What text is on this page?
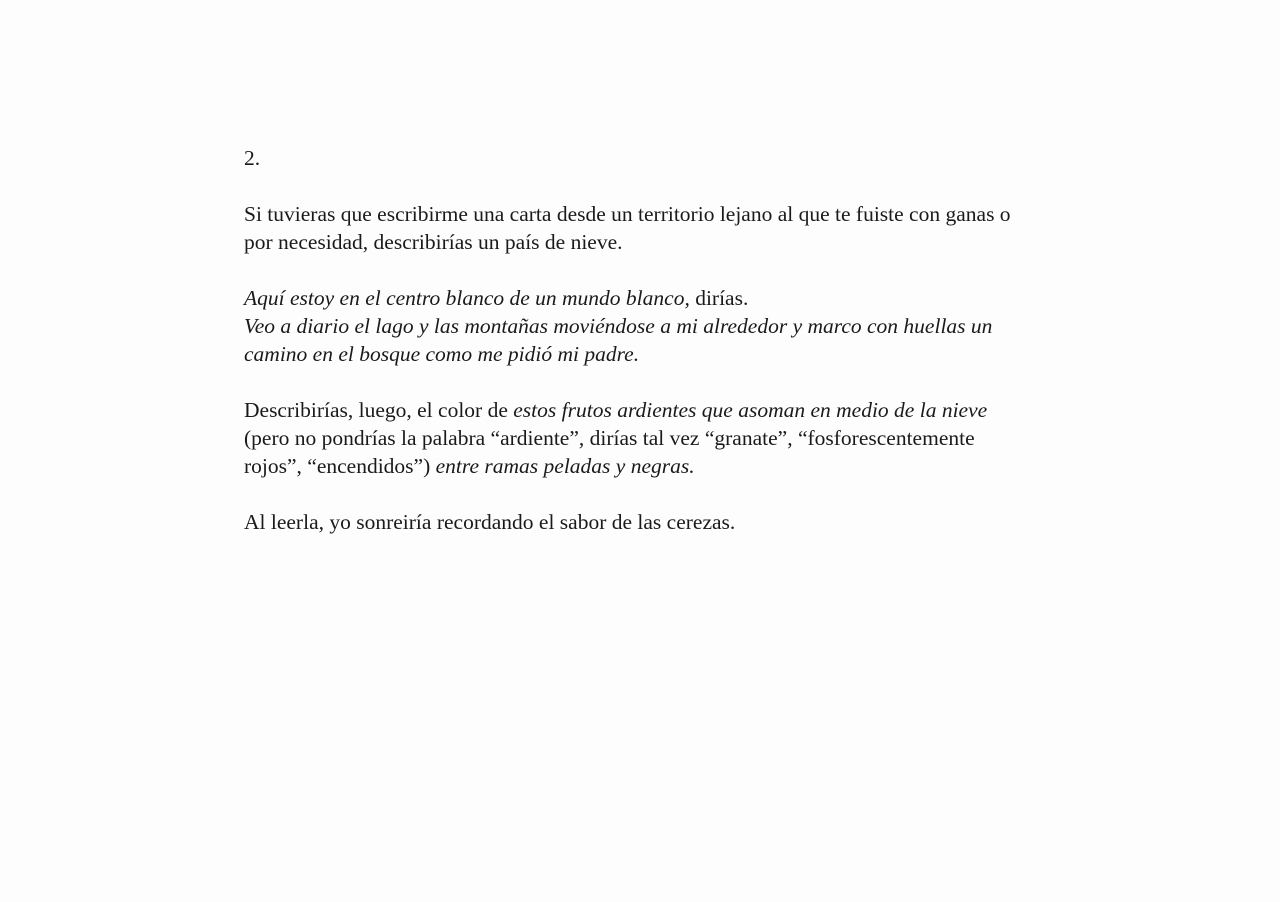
2.

Si tuvieras que escribirme una carta desde un territorio lejano al que te fuiste con ganas o
por necesidad, describirías un país de nieve.

Aquí estoy en el centro blanco de un mundo blanco, dirías.
Veo a diario el lago y las montañas moviéndose a mi alrededor y marco con huellas un
camino en el bosque como me pidió mi padre.

Describirías, luego, el color de estos frutos ardientes que asoman en medio de la nieve
(pero no pondrías la palabra “ardiente”, dirías tal vez “granate”, “fosforescentemente
rojos”, “encendidos”) entre ramas peladas y negras.

Al leerla, yo sonreiría recordando el sabor de las cerezas.
